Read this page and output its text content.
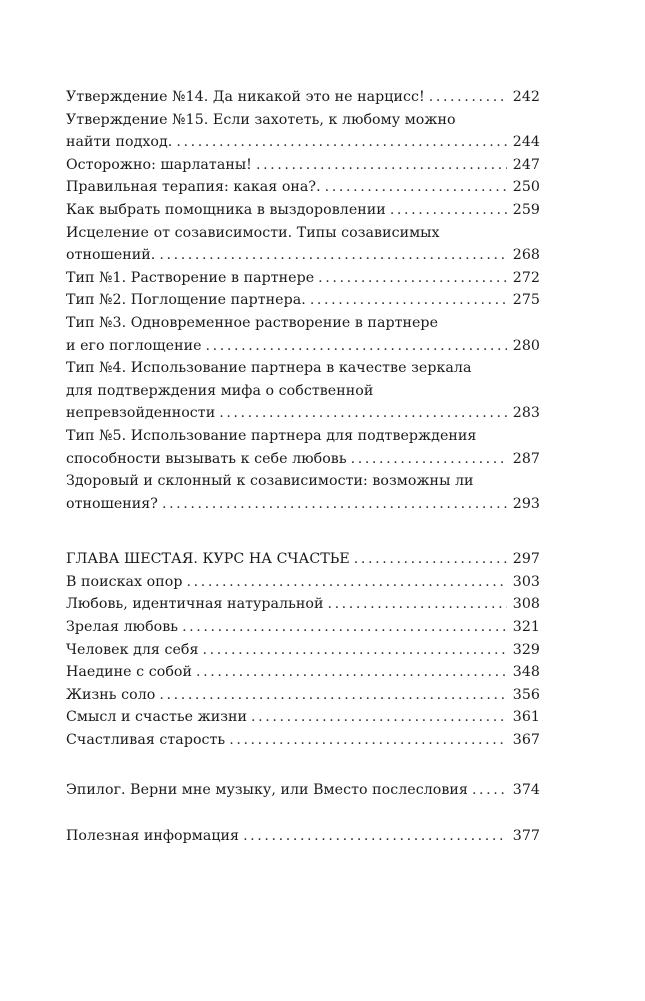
Утверждение №14. Да никакой это не нарцисс! .....	242
Утверждение №15. Если захотеть, к любому можно
найти подход. .....	244
Осторожно: шарлатаны! .....	247
Правильная терапия: какая она?. .....	250
Как выбрать помощника в выздоровлении .....	259
Исцеление от созависимости. Типы созависимых
отношений. .....	268
Тип №1. Растворение в партнере .....	272
Тип №2. Поглощение партнера. .....	275
Тип №3. Одновременное растворение в партнере
и его поглощение .....	280
Тип №4. Использование партнера в качестве зеркала
для подтверждения мифа о собственной
непревзойденности .....	283
Тип №5. Использование партнера для подтверждения
способности вызывать к себе любовь .....	287
Здоровый и склонный к созависимости: возможны ли
отношения? .....	293
ГЛАВА ШЕСТАЯ. КУРС НА СЧАСТЬЕ .....	297
В поисках опор .....	303
Любовь, идентичная натуральной .....	308
Зрелая любовь .....	321
Человек для себя .....	329
Наедине с собой .....	348
Жизнь соло .....	356
Смысл и счастье жизни .....	361
Счастливая старость .....	367
Эпилог. Верни мне музыку, или Вместо послесловия .....	374
Полезная информация .....	377
